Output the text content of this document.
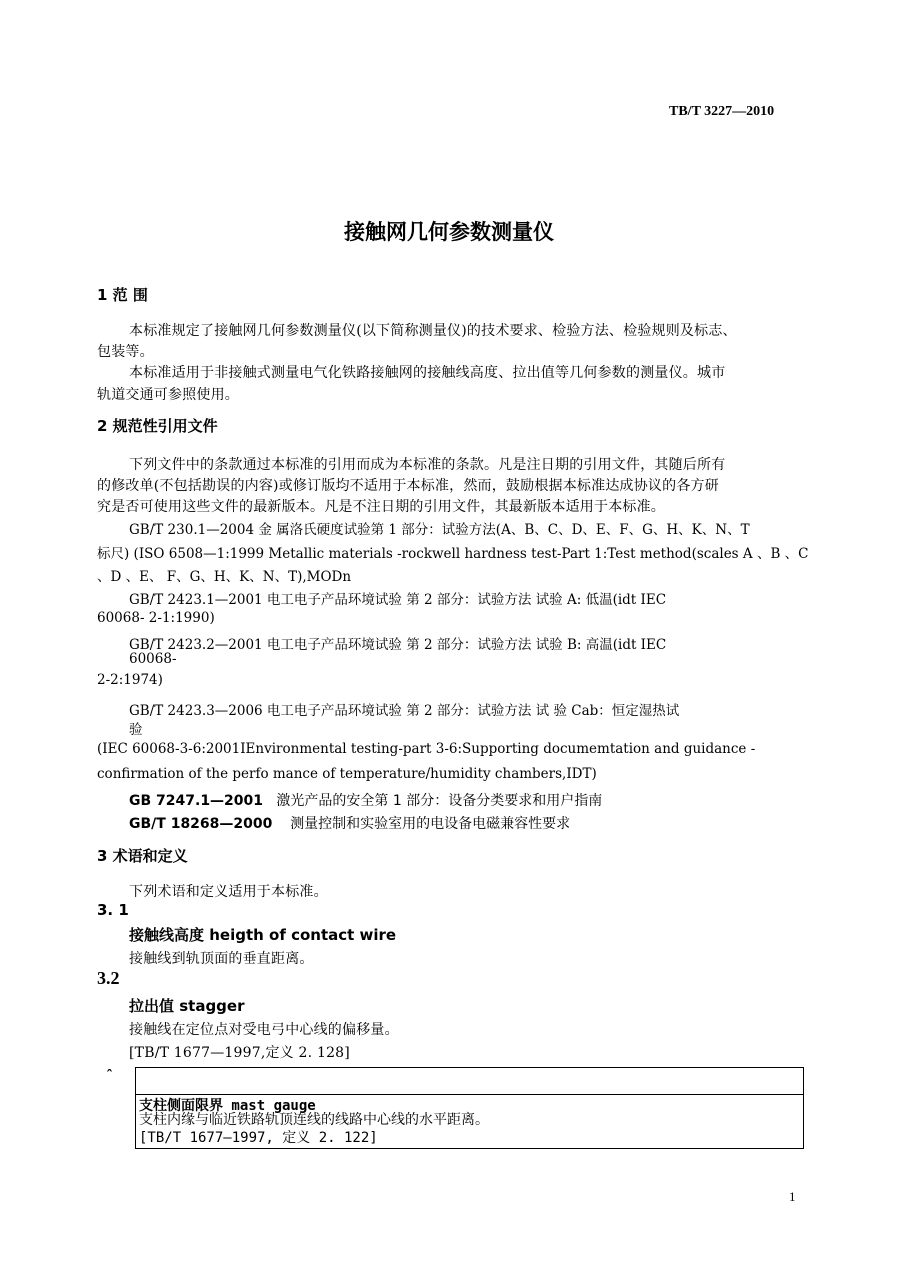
TB/T 3227—2010
接触网几何参数测量仪
1 范 围
本标准规定了接触网几何参数测量仪(以下简称测量仪)的技术要求、检验方法、检验规则及标志、
包装等。
本标准适用于非接触式测量电气化铁路接触网的接触线高度、拉出值等几何参数的测量仪。城市
轨道交通可参照使用。
2 规范性引用文件
下列文件中的条款通过本标准的引用而成为本标准的条款。凡是注日期的引用文件，其随后所有
的修改单(不包括勘误的内容)或修订版均不适用于本标准，然而，鼓励根据本标准达成协议的各方研
究是否可使用这些文件的最新版本。凡是不注日期的引用文件，其最新版本适用于本标准。
GB/T 230.1—2004 金 属洛氏硬度试验第 1 部分：试验方法(A、B、C、D、E、F、G、H、K、N、T
标尺) (ISO 6508—1:1999 Metallic materials -rockwell hardness test-Part 1:Test method(scales A 、B 、C
、D 、E、 F、G、H、K、N、T),MODn
GB/T 2423.1—2001 电工电子产品环境试验 第 2 部分：试验方法 试验 A: 低温(idt IEC
60068- 2-1:1990)
GB/T 2423.2—2001 电工电子产品环境试验 第 2 部分：试验方法 试验 B: 高温(idt IEC
60068-
2-2:1974)
GB/T 2423.3—2006 电工电子产品环境试验 第 2 部分：试验方法 试 验 Cab：恒定湿热试
验
(IEC 60068-3-6:2001IEnvironmental testing-part 3-6:Supporting documemtation and guidance -
confirmation of the perfo mance of temperature/humidity chambers,IDT)
GB 7247.1—2001 激光产品的安全第 1 部分：设备分类要求和用户指南
GB/T 18268—2000 测量控制和实验室用的电设备电磁兼容性要求
3 术语和定义
下列术语和定义适用于本标准。
3. 1
接触线高度 heigth of contact wire
接触线到轨顶面的垂直距离。
3.2
拉出值 stagger
接触线在定位点对受电弓中心线的偏移量。
[TB/T 1677—1997,定义 2. 128]
ˆ
支柱侧面限界 mast gauge
支柱内缘与临近铁路轨顶连线的线路中心线的水平距离。
[TB/T 1677—1997, 定义 2. 122]
1
